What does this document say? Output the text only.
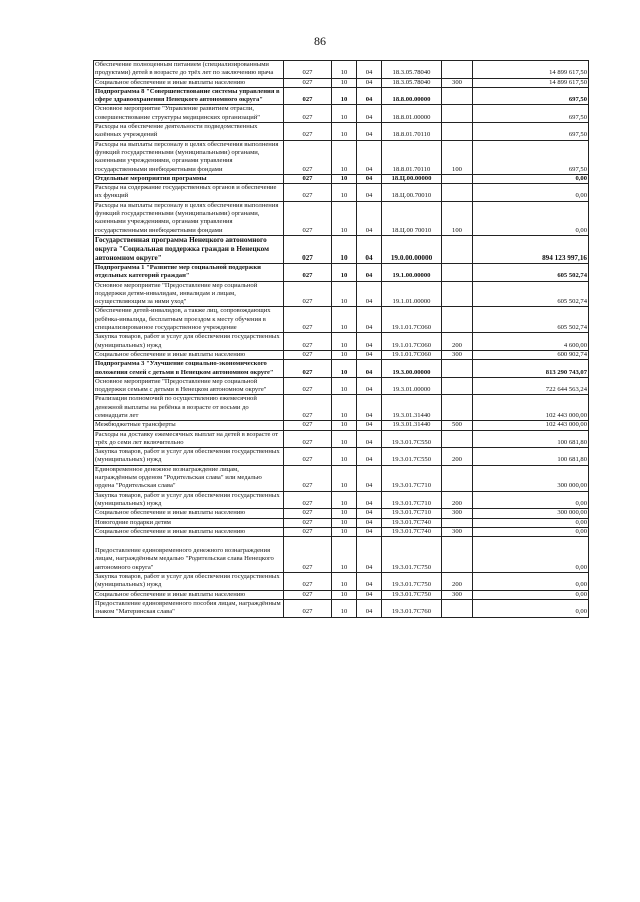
86
Обеспечение полноценным питанием (специализированными продуктами) детей в возрасте до трёх лет по заключению врача	027	10	04	18.3.05.78040		14 899 617,50
Социальное обеспечение и иные выплаты населению	027	10	04	18.3.05.78040	300	14 899 617,50
Подпрограмма 8 "Совершенствование системы управления в сфере здравоохранения Ненецкого автономного округа"	027	10	04	18.8.00.00000		697,50
Основное мероприятие "Управление развитием отрасли, совершенствование структуры медицинских организаций"	027	10	04	18.8.01.00000		697,50
Расходы на обеспечение деятельности подведомственных казённых учреждений	027	10	04	18.8.01.70110		697,50
Расходы на выплаты персоналу в целях обеспечения выполнения функций государственными (муниципальными) органами, казенными учреждениями, органами управления государственными внебюджетными фондами	027	10	04	18.8.01.70110	100	697,50
Отдельные мероприятия программы	027	10	04	18.Ц.00.00000		0,00
Расходы на содержание государственных органов и обеспечение их функций	027	10	04	18.Ц.00.70010		0,00
Расходы на выплаты персоналу в целях обеспечения выполнения функций государственными (муниципальными) органами, казенными учреждениями, органами управления государственными внебюджетными фондами	027	10	04	18.Ц.00 70010	100	0,00
Государственная программа Ненецкого автономного округа "Социальная поддержка граждан в Ненецком автономном округе"	027	10	04	19.0.00.00000		894 123 997,16
Подпрограмма 1 "Развитие мер социальной поддержки отдельных категорий граждан"	027	10	04	19.1.00.00000		605 502,74
Основное мероприятие "Предоставление мер социальной поддержки детям-инвалидам, инвалидам и лицам, осуществляющим за ними уход"	027	10	04	19.1.01.00000		605 502,74
Обеспечение детей-инвалидов, а также лиц, сопровождающих ребёнка-инвалида, бесплатным проездом к месту обучения в специализированное государственное учреждение	027	10	04	19.1.01.7С060		605 502,74
Закупка товаров, работ и услуг для обеспечения государственных (муниципальных) нужд	027	10	04	19.1.01.7С060	200	4 600,00
Социальное обеспечение и иные выплаты населению	027	10	04	19.1.01.7С060	300	600 902,74
Подпрограмма 3 "Улучшение социально-экономического положения семей с детьми в Ненецком автономном округе"	027	10	04	19.3.00.00000		813 290 743,07
Основное мероприятие "Предоставление мер социальной поддержки семьям с детьми в Ненецком автономном округе"	027	10	04	19.3.01.00000		722 644 563,24
Реализация полномочий по осуществлению ежемесячной денежной выплаты на ребёнка в возрасте от восьми до семнадцати лет	027	10	04	19.3.01.31440		102 443 000,00
Межбюджетные трансферты	027	10	04	19.3.01.31440	500	102 443 000,00
Расходы на доставку ежемесячных выплат на детей в возрасте от трёх до семи лет включительно	027	10	04	19.3.01.7С550		100 681,80
Закупка товаров, работ и услуг для обеспечения государственных (муниципальных) нужд	027	10	04	19.3.01.7С550	200	100 681,80
Единовременное денежное вознаграждение лицам, награждённым орденом "Родительская слава" или медалью ордена "Родительская слава"	027	10	04	19.3.01.7С710		300 000,00
Закупка товаров, работ и услуг для обеспечения государственных (муниципальных) нужд	027	10	04	19.3.01.7С710	200	0,00
Социальное обеспечение и иные выплаты населению	027	10	04	19.3.01.7С710	300	300 000,00
Новогодние подарки детям	027	10	04	19.3.01.7С740		0,00
Социальное обеспечение и иные выплаты населению	027	10	04	19.3.01.7С740	300	0,00
Предоставление единовременного денежного вознаграждения лицам, награждённым медалью "Родительская слава Ненецкого автономного округа"	027	10	04	19.3.01.7С750		0,00
Закупка товаров, работ и услуг для обеспечения государственных (муниципальных) нужд	027	10	04	19.3.01.7С750	200	0,00
Социальное обеспечение и иные выплаты населению	027	10	04	19.3.01.7С750	300	0,00
Предоставление единовременного пособия лицам, награждённым знаком "Материнская слава"	027	10	04	19.3.01.7С760		0,00
